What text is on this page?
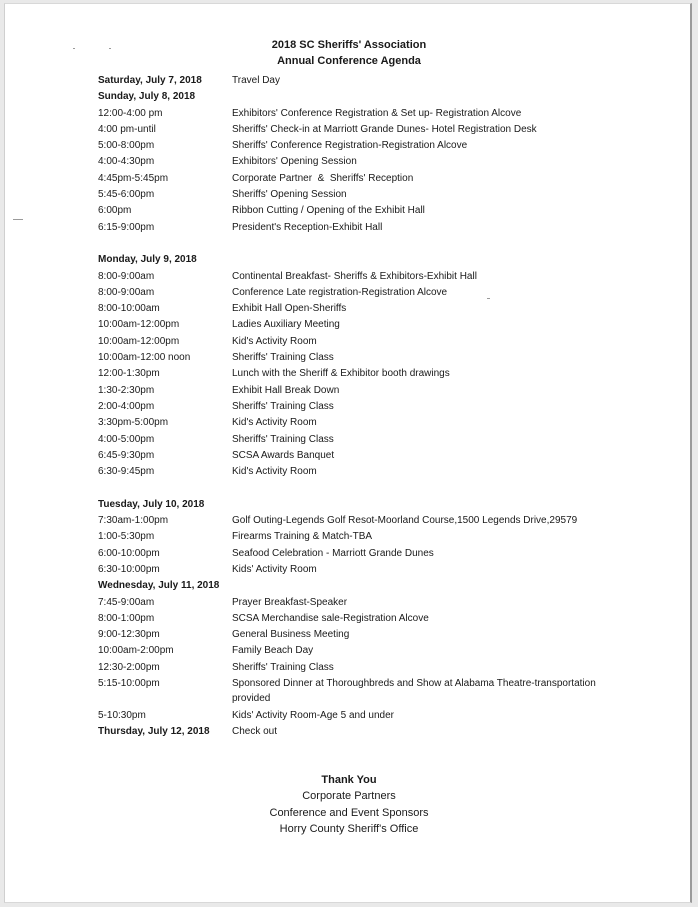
2018 SC Sheriffs' Association
Annual Conference Agenda
Saturday, July 7, 2018	Travel Day

Sunday, July 8, 2018
12:00-4:00 pm	Exhibitors' Conference Registration & Set up- Registration Alcove

4:00 pm-until	Sheriffs' Check-in at Marriott Grande Dunes- Hotel Registration Desk

5:00-8:00pm	Sheriffs' Conference Registration-Registration Alcove

4:00-4:30pm	Exhibitors' Opening Session

4:45pm-5:45pm	Corporate Partner  &  Sheriffs' Reception

5:45-6:00pm	Sheriffs' Opening Session

6:00pm	Ribbon Cutting / Opening of the Exhibit Hall

6:15-9:00pm	President's Reception-Exhibit Hall

Monday, July 9, 2018
8:00-9:00am	Continental Breakfast- Sheriffs & Exhibitors-Exhibit Hall

8:00-9:00am	Conference Late registration-Registration Alcove

8:00-10:00am	Exhibit Hall Open-Sheriffs

10:00am-12:00pm	Ladies Auxiliary Meeting

10:00am-12:00pm	Kid's Activity Room

10:00am-12:00 noon	Sheriffs' Training Class

12:00-1:30pm	Lunch with the Sheriff & Exhibitor booth drawings

1:30-2:30pm	Exhibit Hall Break Down

2:00-4:00pm	Sheriffs' Training Class

3:30pm-5:00pm	Kid's Activity Room

4:00-5:00pm	Sheriffs' Training Class

6:45-9:30pm	SCSA Awards Banquet

6:30-9:45pm	Kid's Activity Room

Tuesday, July 10, 2018
7:30am-1:00pm	Golf Outing-Legends Golf Resot-Moorland Course,1500 Legends Drive,29579

1:00-5:30pm	Firearms Training & Match-TBA

6:00-10:00pm	Seafood Celebration - Marriott Grande Dunes

6:30-10:00pm	Kids' Activity Room

Wednesday, July 11, 2018
7:45-9:00am	Prayer Breakfast-Speaker

8:00-1:00pm	SCSA Merchandise sale-Registration Alcove

9:00-12:30pm	General Business Meeting

10:00am-2:00pm	Family Beach Day

12:30-2:00pm	Sheriffs' Training Class

5:15-10:00pm	Sponsored Dinner at Thoroughbreds and Show at Alabama Theatre-transportation provided
5-10:30pm	Kids' Activity Room-Age 5 and under

Thursday, July 12, 2018 Check out

Thank You
Corporate Partners
Conference and Event Sponsors
Horry County Sheriff's Office
